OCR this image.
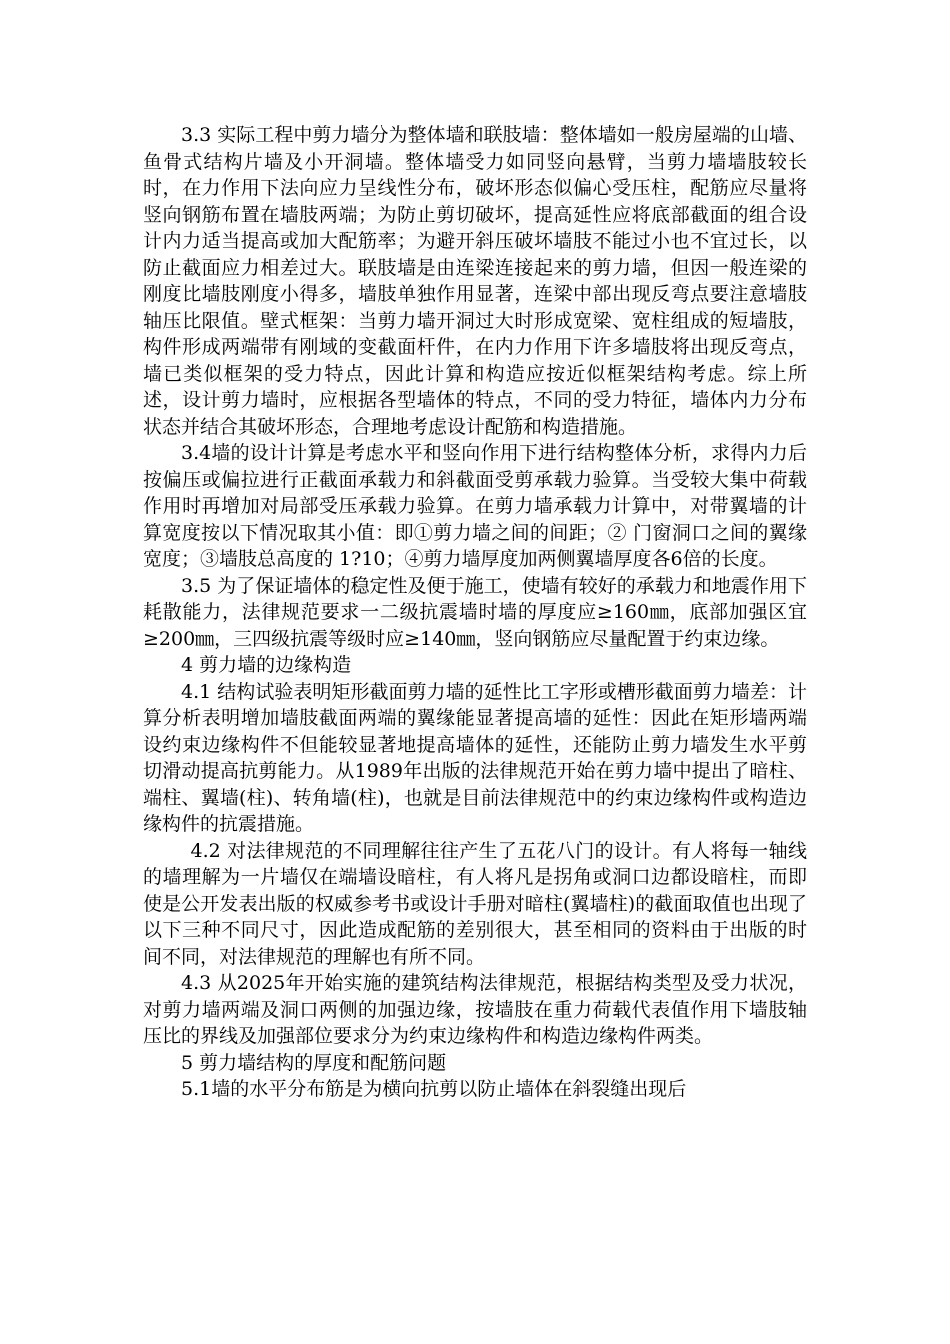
3.3 实际工程中剪力墙分为整体墙和联肢墙：整体墙如一般房屋端的山墙、鱼骨式结构片墙及小开洞墙。整体墙受力如同竖向悬臂，当剪力墙墙肢较长时，在力作用下法向应力呈线性分布，破坏形态似偏心受压柱，配筋应尽量将竖向钢筋布置在墙肢两端；为防止剪切破坏，提高延性应将底部截面的组合设计内力适当提高或加大配筋率；为避开斜压破坏墙肢不能过小也不宜过长，以防止截面应力相差过大。联肢墙是由连梁连接起来的剪力墙，但因一般连梁的刚度比墙肢刚度小得多，墙肢单独作用显著，连梁中部出现反弯点要注意墙肢轴压比限值。壁式框架：当剪力墙开洞过大时形成宽梁、宽柱组成的短墙肢，构件形成两端带有刚域的变截面杆件，在内力作用下许多墙肢将出现反弯点，墙已类似框架的受力特点，因此计算和构造应按近似框架结构考虑。综上所述，设计剪力墙时，应根据各型墙体的特点，不同的受力特征，墙体内力分布状态并结合其破坏形态，合理地考虑设计配筋和构造措施。

3.4墙的设计计算是考虑水平和竖向作用下进行结构整体分析，求得内力后按偏压或偏拉进行正截面承载力和斜截面受剪承载力验算。当受较大集中荷载作用时再增加对局部受压承载力验算。在剪力墙承载力计算中，对带翼墙的计算宽度按以下情况取其小值：即①剪力墙之间的间距；② 门窗洞口之间的翼缘宽度；③墙肢总高度的 1?10；④剪力墙厚度加两侧翼墙厚度各6倍的长度。

3.5 为了保证墙体的稳定性及便于施工，使墙有较好的承载力和地震作用下耗散能力，法律规范要求一二级抗震墙时墙的厚度应≥160㎜，底部加强区宜≥200㎜，三四级抗震等级时应≥140㎜，竖向钢筋应尽量配置于约束边缘。

4 剪力墙的边缘构造

4.1 结构试验表明矩形截面剪力墙的延性比工字形或槽形截面剪力墙差：计算分析表明增加墙肢截面两端的翼缘能显著提高墙的延性：因此在矩形墙两端设约束边缘构件不但能较显著地提高墙体的延性，还能防止剪力墙发生水平剪切滑动提高抗剪能力。从1989年出版的法律规范开始在剪力墙中提出了暗柱、端柱、翼墙(柱)、转角墙(柱)，也就是目前法律规范中的约束边缘构件或构造边缘构件的抗震措施。

4.2 对法律规范的不同理解往往产生了五花八门的设计。有人将每一轴线的墙理解为一片墙仅在端墙设暗柱，有人将凡是拐角或洞口边都设暗柱，而即使是公开发表出版的权威参考书或设计手册对暗柱(翼墙柱)的截面取值也出现了以下三种不同尺寸，因此造成配筋的差别很大，甚至相同的资料由于出版的时间不同，对法律规范的理解也有所不同。

4.3 从2025年开始实施的建筑结构法律规范，根据结构类型及受力状况，对剪力墙两端及洞口两侧的加强边缘，按墙肢在重力荷载代表值作用下墙肢轴压比的界线及加强部位要求分为约束边缘构件和构造边缘构件两类。

5 剪力墙结构的厚度和配筋问题

5.1墙的水平分布筋是为横向抗剪以防止墙体在斜裂缝出现后
